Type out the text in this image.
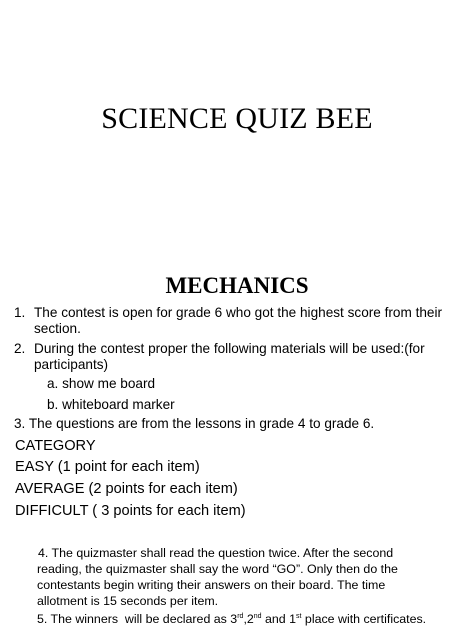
SCIENCE QUIZ BEE
MECHANICS
1. The contest is open for grade 6 who got the highest score from their section.
2. During the contest proper the following materials will be used:(for participants)
a. show me board
b. whiteboard marker
3. The questions are from the lessons in grade 4 to grade 6.
CATEGORY
EASY (1 point for each item)
AVERAGE (2 points for each item)
DIFFICULT ( 3 points for each item)
4. The quizmaster shall read the question twice. After the second
reading, the quizmaster shall say the word “GO”. Only then do the
contestants begin writing their answers on their board. The time
allotment is 15 seconds per item.
5. The winners  will be declared as 3rd,2nd and 1st place with certificates.
